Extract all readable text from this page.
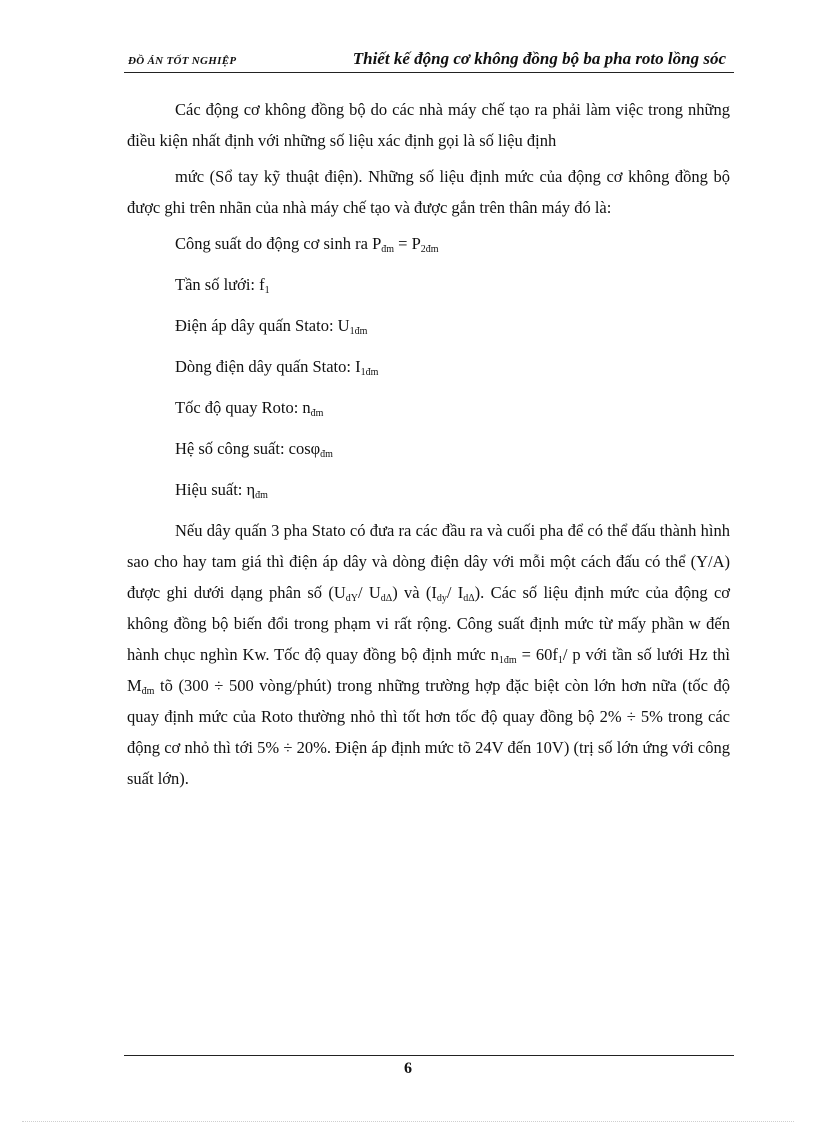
ĐỒ ÁN TỐT NGHIỆP	Thiết kế động cơ không đồng bộ ba pha roto lồng sóc

Các động cơ không đồng bộ do các nhà máy chế tạo ra phải làm việc trong những điều kiện nhất định với những số liệu xác định gọi là số liệu định

mức (Sổ tay kỹ thuật điện). Những số liệu định mức của động cơ không đồng bộ được ghi trên nhãn của nhà máy chế tạo và được gắn trên thân máy đó là:

Công suất do động cơ sinh ra $P_{đm} = P_{2đm}$

Tần số lưới: $f_1$

Điện áp dây quấn Stato: $U_{1đm}$

Dòng điện dây quấn Stato: $I_{1đm}$

Tốc độ quay Roto: $n_{đm}$

Hệ số công suất: cosφ$_{đm}$

Hiệu suất: $\eta_{đm}$

Nếu dây quấn 3 pha Stato có đưa ra các đầu ra và cuối pha để có thể đấu thành hình sao cho hay tam giá thì điện áp dây và dòng điện dây với mỗi một cách đấu có thể (Y/A) được ghi dưới dạng phân số ($U_{dY}/$ $U_{d\Delta}$) và ($I_{dy}/$ $I_{d\Delta}$). Các số liệu định mức của động cơ không đồng bộ biến đổi trong phạm vi rất rộng. Công suất định mức từ mấy phần w đến hành chục nghìn Kw. Tốc độ quay đồng bộ định mức $n_{1đm} = 60f_1/$ p với tần số lưới Hz thì $M_{đm}$ tõ (300 ÷ 500 vòng/phút) trong những trường hợp đặc biệt còn lớn hơn nữa (tốc độ quay định mức của Roto thường nhỏ thì tốt hơn tốc độ quay đồng bộ 2% ÷ 5% trong các động cơ nhỏ thì tới 5% ÷ 20%. Điện áp định mức tõ 24V đến 10V) (trị số lớn ứng với công suất lớn).

6
